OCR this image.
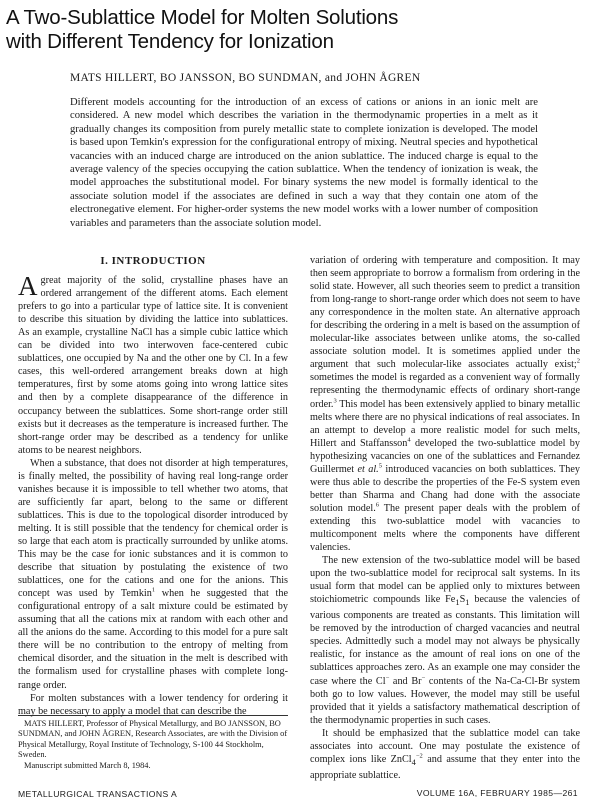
A Two-Sublattice Model for Molten Solutions
with Different Tendency for Ionization
MATS HILLERT, BO JANSSON, BO SUNDMAN, and JOHN ÅGREN
Different models accounting for the introduction of an excess of cations or anions in an ionic melt are considered. A new model which describes the variation in the thermodynamic properties in a melt as it gradually changes its composition from purely metallic state to complete ionization is developed. The model is based upon Temkin's expression for the configurational entropy of mixing. Neutral species and hypothetical vacancies with an induced charge are introduced on the anion sublattice. The induced charge is equal to the average valency of the species occupying the cation sublattice. When the tendency of ionization is weak, the model approaches the substitutional model. For binary systems the new model is formally identical to the associate solution model if the associates are defined in such a way that they contain one atom of the electronegative element. For higher-order systems the new model works with a lower number of composition variables and parameters than the associate solution model.
I. INTRODUCTION

A great majority of the solid, crystalline phases have an ordered arrangement of the different atoms. Each element prefers to go into a particular type of lattice site. It is convenient to describe this situation by dividing the lattice into sublattices. As an example, crystalline NaCl has a simple cubic lattice which can be divided into two interwoven face-centered cubic sublattices, one occupied by Na and the other one by Cl. In a few cases, this well-ordered arrangement breaks down at high temperatures, first by some atoms going into wrong lattice sites and then by a complete disappearance of the difference in occupancy between the sublattices. Some short-range order still exists but it decreases as the temperature is increased further. The short-range order may be described as a tendency for unlike atoms to be nearest neighbors.

When a substance, that does not disorder at high temperatures, is finally melted, the possibility of having real long-range order vanishes because it is impossible to tell whether two atoms, that are sufficiently far apart, belong to the same or different sublattices. This is due to the topological disorder introduced by melting. It is still possible that the tendency for chemical order is so large that each atom is practically surrounded by unlike atoms. This may be the case for ionic substances and it is common to describe that situation by postulating the existence of two sublattices, one for the cations and one for the anions. This concept was used by Temkin$^1$ when he suggested that the configurational entropy of a salt mixture could be estimated by assuming that all the cations mix at random with each other and all the anions do the same. According to this model for a pure salt there will be no contribution to the entropy of melting from chemical disorder, and the situation in the melt is described with the formalism used for crystalline phases with complete long-range order.

For molten substances with a lower tendency for ordering it may be necessary to apply a model that can describe the

MATS HILLERT, Professor of Physical Metallurgy, and BO JANSSON, BO SUNDMAN, and JOHN ÅGREN, Research Associates, are with the Division of Physical Metallurgy, Royal Institute of Technology, S-100 44 Stockholm, Sweden.

Manuscript submitted March 8, 1984.

variation of ordering with temperature and composition. It may then seem appropriate to borrow a formalism from ordering in the solid state. However, all such theories seem to predict a transition from long-range to short-range order which does not seem to have any correspondence in the molten state. An alternative approach for describing the ordering in a melt is based on the assumption of molecular-like associates between unlike atoms, the so-called associate solution model. It is sometimes applied under the argument that such molecular-like associates actually exist;$^2$ sometimes the model is regarded as a convenient way of formally representing the thermodynamic effects of ordinary short-range order.$^3$ This model has been extensively applied to binary metallic melts where there are no physical indications of real associates. In an attempt to develop a more realistic model for such melts, Hillert and Staffansson$^4$ developed the two-sublattice model by hypothesizing vacancies on one of the sublattices and Fernandez Guillermet et al.$^5$ introduced vacancies on both sublattices. They were thus able to describe the properties of the Fe-S system even better than Sharma and Chang had done with the associate solution model.$^6$ The present paper deals with the problem of extending this two-sublattice model with vacancies to multicomponent melts where the components have different valencies.

The new extension of the two-sublattice model will be based upon the two-sublattice model for reciprocal salt systems. In its usual form that model can be applied only to mixtures between stoichiometric compounds like $Fe_1S_1$ because the valencies of various components are treated as constants. This limitation will be removed by the introduction of charged vacancies and neutral species. Admittedly such a model may not always be physically realistic, for instance as the amount of real ions on one of the sublattices approaches zero. As an example one may consider the case where the Cl− and Br− contents of the Na-Ca-Cl-Br system both go to low values. However, the model may still be useful provided that it yields a satisfactory mathematical description of the thermodynamic properties in such cases.

It should be emphasized that the sublattice model can take associates into account. One may postulate the existence of complex ions like ZnCl$_4^{-2}$ and assume that they enter into the appropriate sublattice.

METALLURGICAL TRANSACTIONS A	VOLUME 16A, FEBRUARY 1985—261
